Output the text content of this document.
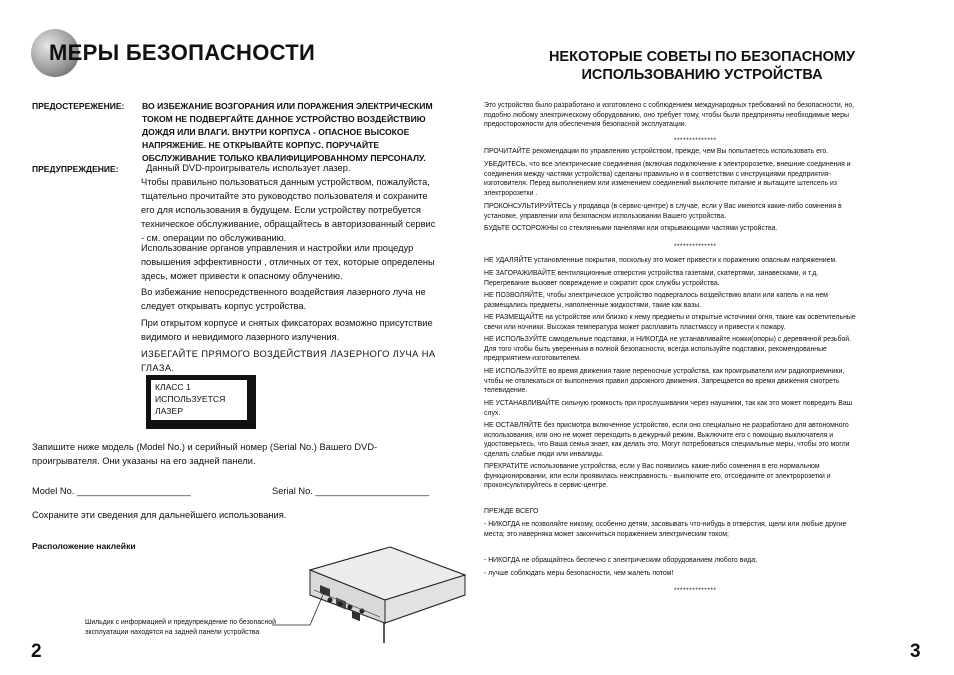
МЕРЫ БЕЗОПАСНОСТИ
ПРЕДОСТЕРЕЖЕНИЕ: ВО ИЗБЕЖАНИЕ ВОЗГОРАНИЯ ИЛИ ПОРАЖЕНИЯ ЭЛЕКТРИЧЕСКИМ
ТОКОМ НЕ ПОДВЕРГАЙТЕ ДАННОЕ УСТРОЙСТВО ВОЗДЕЙСТВИЮ
ДОЖДЯ ИЛИ ВЛАГИ. ВНУТРИ КОРПУСА - ОПАСНОЕ ВЫСОКОЕ
НАПРЯЖЕНИЕ. НЕ ОТКРЫВАЙТЕ КОРПУС. ПОРУЧАЙТЕ
ОБСЛУЖИВАНИЕ ТОЛЬКО КВАЛИФИЦИРОВАННОМУ ПЕРСОНАЛУ.
ПРЕДУПРЕЖДЕНИЕ:	Данный DVD-проигрыватель использует лазер.
Чтобы правильно пользоваться данным устройством, пожалуйста,
тщательно прочитайте это руководство пользователя и сохраните
его для использования в будущем. Если устройству потребуется
техническое обслуживание, обращайтесь в авторизованный сервис
- см. операции по обслуживанию.
Использование органов управления и настройки или процедур
повышения эффективности , отличных от тех, которые определены
здесь, может привести к опасному облучению.
Во избежание непосредственного воздействия лазерного луча не
следует открывать корпус устройства.
При открытом корпусе и снятых фиксаторах возможно присутствие
видимого и невидимого лазерного излучения.
ИЗБЕГАЙТЕ ПРЯМОГО ВОЗДЕЙСТВИЯ ЛАЗЕРНОГО ЛУЧА НА
ГЛАЗА.
КЛАСС 1
ИСПОЛЬЗУЕТСЯ
ЛАЗЕР
Запишите ниже модель (Model No.) и серийный номер (Serial No.) Вашего DVD-
проигрывателя. Они указаны на его задней панели.
Model No. ______________________	Serial No. ______________________
Сохраните эти сведения для дальнейшего использования.
Расположение наклейки
Шильдик с информацией и предупреждение по безопасной
эксплуатации находятся на задней панели устройства
2
НЕКОТОРЫЕ СОВЕТЫ ПО БЕЗОПАСНОМУ
ИСПОЛЬЗОВАНИЮ УСТРОЙСТВА
Это устройство было разработано и изготовлено с соблюдением международных требований по безопасности, но,
подобно любому электрическому оборудованию, оно требует тому, чтобы были предприняты необходимые меры
предосторожности для обеспечения безопасной эксплуатации.
**************
ПРОЧИТАЙТЕ рекомендации по управлению устройством, прежде, чем Вы попытаетесь использовать его.
УБЕДИТЕСЬ, что все электрические соединения (включая подключение к электророзетке, внешние соединения и
соединения между частями устройства) сделаны правильно и в соответствии с инструкциями предприятия-
изготовителя. Перед выполнением или изменением соединений выключите питание и вытащите штепсель из
электророзетки .
ПРОКОНСУЛЬТИРУЙТЕСЬ у продавца (в сервис-центре) в случае, если у Вас имеются какие-либо сомнения в
установке, управлении или безопасном использовании Вашего устройства.
БУДЬТЕ ОСТОРОЖНЫ со стеклянными панелями или открывающими частями устройства.
**************
НЕ УДАЛЯЙТЕ установленные покрытия, поскольку это может привести к поражению опасным напряжением.
НЕ ЗАГОРАЖИВАЙТЕ вентиляционные отверстия устройства газетами, скатертями, занавесками, и т.д.
Перегревание вызовет повреждение и сократит срок службы устройства.
НЕ ПОЗВОЛЯЙТЕ, чтобы электрическое устройство подвергалось воздействию влаги или капель и на нем
размещались предметы, наполненные жидкостями, такие как вазы.
НЕ РАЗМЕЩАЙТЕ на устройстве или близко к нему предметы и открытые источники огня, такие как осветительные
свечи или ночники. Высокая температура может расплавить пластмассу и привести к пожару.
НЕ ИСПОЛЬЗУЙТЕ самодельные подставки, и НИКОГДА не устанавливайте ножки(опоры) с деревянной резьбой.
Для того чтобы быть уверенным в полной безопасности, всегда используйте подставки, рекомендованные
предприятием-изготовителем.
НЕ ИСПОЛЬЗУЙТЕ во время движения такие переносные устройства, как проигрыватели или радиоприемники,
чтобы не отвлекаться от выполнения правил дорожного движения. Запрещается во время движения смотреть
телевидение.
НЕ УСТАНАВЛИВАЙТЕ сильную громкость при прослушивании через наушники, так как это может повредить Ваш
слух.
НЕ ОСТАВЛЯЙТЕ без присмотра включенное устройство, если оно специально не разработано для автономного
использования, или оно не может переходить в дежурный режим. Выключите его с помощью выключателя и
удостоверьтесь, что Ваша семья знает, как делать это. Могут потребоваться специальные меры, чтобы это могли
сделать слабые люди или инвалиды.
ПРЕКРАТИТЕ использование устройства, если у Вас появились какие-либо сомнения в его нормальном
функционировании, или если проявилась неисправность - выключите его, отсоедините от электророзетки и
проконсультируйтесь в сервис-центре.
ПРЕЖДЕ ВСЕГО
- НИКОГДА не позволяйте никому, особенно детям, засовывать что-нибудь в отверстия, щели или любые другие
места; это наверняка может закончиться поражением электрическим током;
- НИКОГДА не обращайтесь беспечно с электрическим оборудованием любого вида;
- лучше соблюдать меры безопасности, чем жалеть потом!
**************
3
